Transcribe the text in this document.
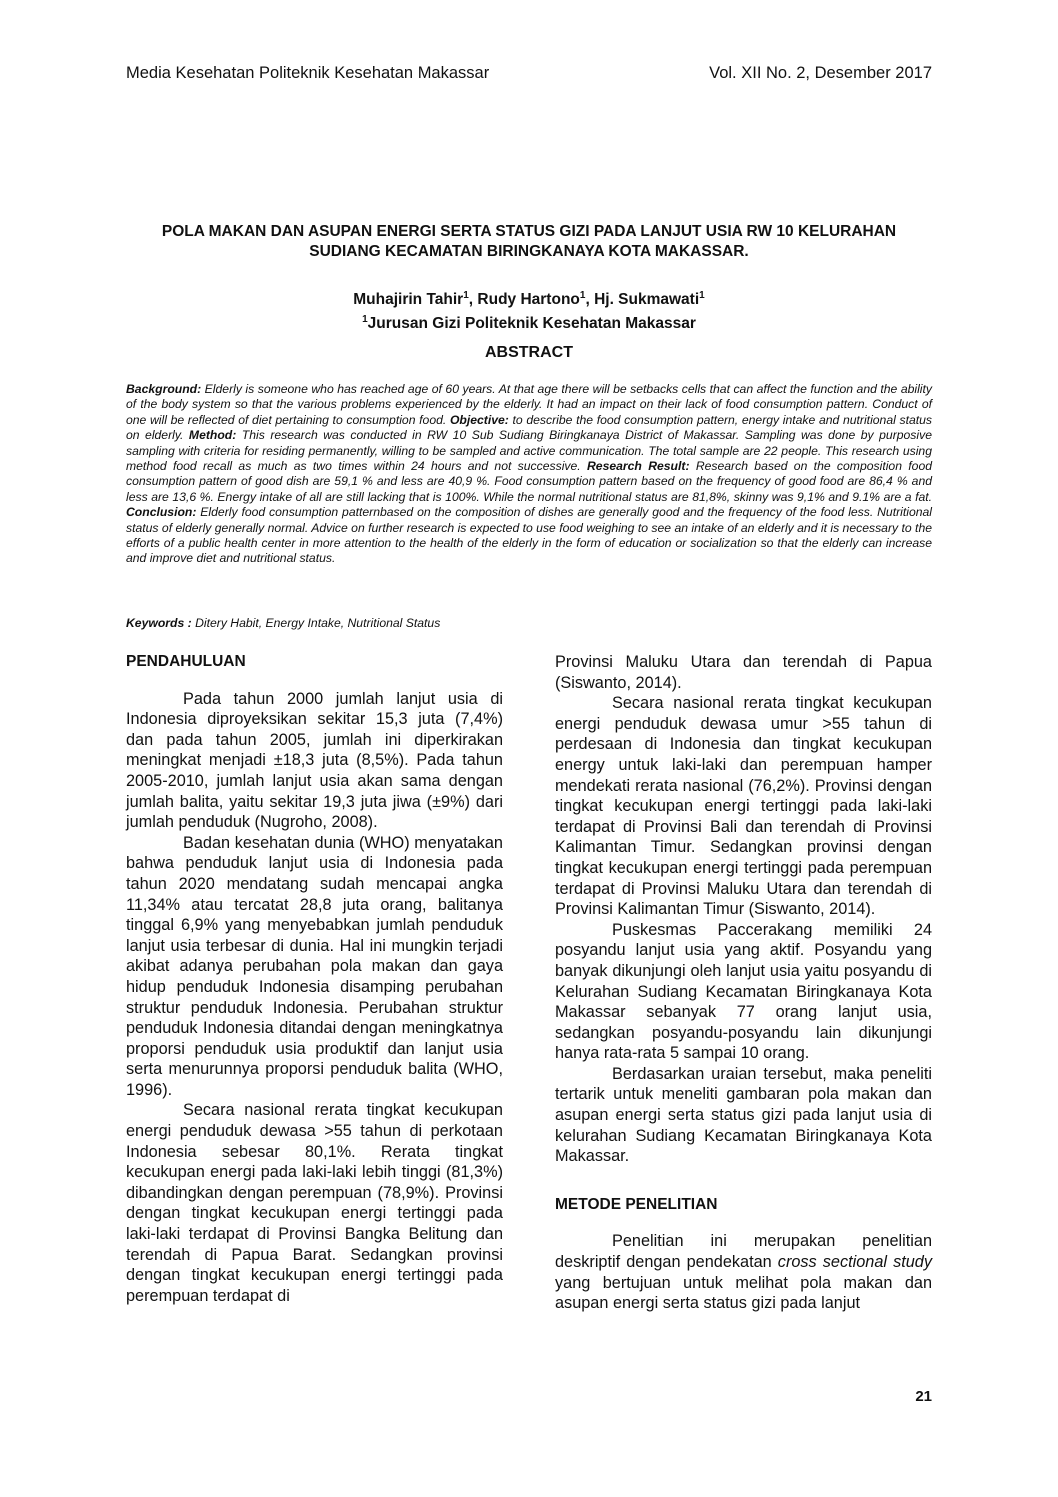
Media Kesehatan Politeknik Kesehatan Makassar	Vol. XII No. 2, Desember 2017
POLA MAKAN DAN ASUPAN ENERGI SERTA STATUS GIZI PADA LANJUT USIA RW 10 KELURAHAN SUDIANG KECAMATAN BIRINGKANAYA KOTA MAKASSAR.
Muhajirin Tahir$^1$, Rudy Hartono$^1$, Hj. Sukmawati$^1$
$^1$Jurusan Gizi Politeknik Kesehatan Makassar
ABSTRACT
Background: Elderly is someone who has reached age of 60 years. At that age there will be setbacks cells that can affect the function and the ability of the body system so that the various problems experienced by the elderly. It had an impact on their lack of food consumption pattern. Conduct of one will be reflected of diet pertaining to consumption food. Objective: to describe the food consumption pattern, energy intake and nutritional status on elderly. Method: This research was conducted in RW 10 Sub Sudiang Biringkanaya District of Makassar. Sampling was done by purposive sampling with criteria for residing permanently, willing to be sampled and active communication. The total sample are 22 people. This research using method food recall as much as two times within 24 hours and not successive. Research Result: Research based on the composition food consumption pattern of good dish are 59,1 % and less are 40,9 %. Food consumption pattern based on the frequency of good food are 86,4 % and less are 13,6 %. Energy intake of all are still lacking that is 100%. While the normal nutritional status are 81,8%, skinny was 9,1% and 9.1% are a fat. Conclusion: Elderly food consumption patternbased on the composition of dishes are generally good and the frequency of the food less. Nutritional status of elderly generally normal. Advice on further research is expected to use food weighing to see an intake of an elderly and it is necessary to the efforts of a public health center in more attention to the health of the elderly in the form of education or socialization so that the elderly can increase and improve diet and nutritional status.
Keywords : Ditery Habit, Energy Intake, Nutritional Status
PENDAHULUAN

Pada tahun 2000 jumlah lanjut usia di Indonesia diproyeksikan sekitar 15,3 juta (7,4%) dan pada tahun 2005, jumlah ini diperkirakan meningkat menjadi ±18,3 juta (8,5%). Pada tahun 2005-2010, jumlah lanjut usia akan sama dengan jumlah balita, yaitu sekitar 19,3 juta jiwa (±9%) dari jumlah penduduk (Nugroho, 2008).

Badan kesehatan dunia (WHO) menyatakan bahwa penduduk lanjut usia di Indonesia pada tahun 2020 mendatang sudah mencapai angka 11,34% atau tercatat 28,8 juta orang, balitanya tinggal 6,9% yang menyebabkan jumlah penduduk lanjut usia terbesar di dunia. Hal ini mungkin terjadi akibat adanya perubahan pola makan dan gaya hidup penduduk Indonesia disamping perubahan struktur penduduk Indonesia. Perubahan struktur penduduk Indonesia ditandai dengan meningkatnya proporsi penduduk usia produktif dan lanjut usia serta menurunnya proporsi penduduk balita (WHO, 1996).

Secara nasional rerata tingkat kecukupan energi penduduk dewasa >55 tahun di perkotaan Indonesia sebesar 80,1%. Rerata tingkat kecukupan energi pada laki-laki lebih tinggi (81,3%) dibandingkan dengan perempuan (78,9%). Provinsi dengan tingkat kecukupan energi tertinggi pada laki-laki terdapat di Provinsi Bangka Belitung dan terendah di Papua Barat. Sedangkan provinsi dengan tingkat kecukupan energi tertinggi pada perempuan terdapat di

Provinsi Maluku Utara dan terendah di Papua (Siswanto, 2014).

Secara nasional rerata tingkat kecukupan energi penduduk dewasa umur >55 tahun di perdesaan di Indonesia dan tingkat kecukupan energy untuk laki-laki dan perempuan hamper mendekati rerata nasional (76,2%). Provinsi dengan tingkat kecukupan energi tertinggi pada laki-laki terdapat di Provinsi Bali dan terendah di Provinsi Kalimantan Timur. Sedangkan provinsi dengan tingkat kecukupan energi tertinggi pada perempuan terdapat di Provinsi Maluku Utara dan terendah di Provinsi Kalimantan Timur (Siswanto, 2014).

Puskesmas Paccerakang memiliki 24 posyandu lanjut usia yang aktif. Posyandu yang banyak dikunjungi oleh lanjut usia yaitu posyandu di Kelurahan Sudiang Kecamatan Biringkanaya Kota Makassar sebanyak 77 orang lanjut usia, sedangkan posyandu-posyandu lain dikunjungi hanya rata-rata 5 sampai 10 orang.

Berdasarkan uraian tersebut, maka peneliti tertarik untuk meneliti gambaran pola makan dan asupan energi serta status gizi pada lanjut usia di kelurahan Sudiang Kecamatan Biringkanaya Kota Makassar.

METODE PENELITIAN

Penelitian ini merupakan penelitian deskriptif dengan pendekatan cross sectional study yang bertujuan untuk melihat pola makan dan asupan energi serta status gizi pada lanjut

21
